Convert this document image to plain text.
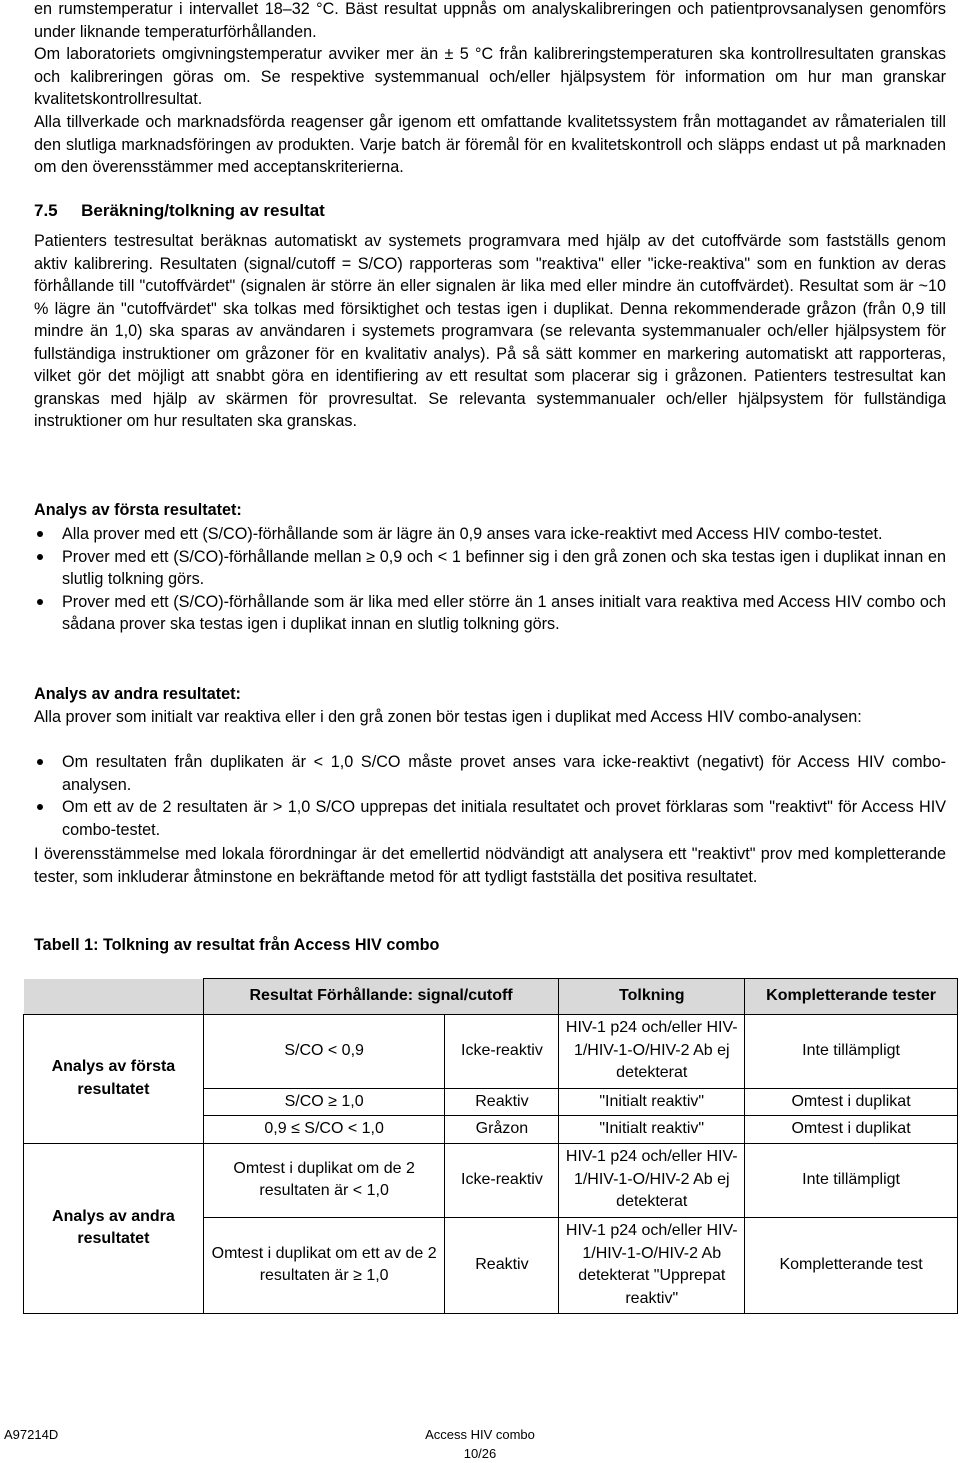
en rumstemperatur i intervallet 18–32 °C. Bäst resultat uppnås om analyskalibreringen och patientprovsanalysen genomförs under liknande temperaturförhållanden.

Om laboratoriets omgivningstemperatur avviker mer än ± 5 °C från kalibreringstemperaturen ska kontrollresultaten granskas och kalibreringen göras om. Se respektive systemmanual och/eller hjälpsystem för information om hur man granskar kvalitetskontrollresultat.

Alla tillverkade och marknadsförda reagenser går igenom ett omfattande kvalitetssystem från mottagandet av råmaterialen till den slutliga marknadsföringen av produkten. Varje batch är föremål för en kvalitetskontroll och släpps endast ut på marknaden om den överensstämmer med acceptanskriterierna.

7.5 Beräkning/tolkning av resultat

Patienters testresultat beräknas automatiskt av systemets programvara med hjälp av det cutoffvärde som fastställs genom aktiv kalibrering. Resultaten (signal/cutoff = S/CO) rapporteras som "reaktiva" eller "icke-reaktiva" som en funktion av deras förhållande till "cutoffvärdet" (signalen är större än eller signalen är lika med eller mindre än cutoffvärdet). Resultat som är ~10 % lägre än "cutoffvärdet" ska tolkas med försiktighet och testas igen i duplikat. Denna rekommenderade gråzon (från 0,9 till mindre än 1,0) ska sparas av användaren i systemets programvara (se relevanta systemmanualer och/eller hjälpsystem för fullständiga instruktioner om gråzoner för en kvalitativ analys). På så sätt kommer en markering automatiskt att rapporteras, vilket gör det möjligt att snabbt göra en identifiering av ett resultat som placerar sig i gråzonen. Patienters testresultat kan granskas med hjälp av skärmen för provresultat. Se relevanta systemmanualer och/eller hjälpsystem för fullständiga instruktioner om hur resultaten ska granskas.

Analys av första resultatet:
Alla prover med ett (S/CO)-förhållande som är lägre än 0,9 anses vara icke-reaktivt med Access HIV combo-testet.
Prover med ett (S/CO)-förhållande mellan ≥ 0,9 och < 1 befinner sig i den grå zonen och ska testas igen i duplikat innan en slutlig tolkning görs.
Prover med ett (S/CO)-förhållande som är lika med eller större än 1 anses initialt vara reaktiva med Access HIV combo och sådana prover ska testas igen i duplikat innan en slutlig tolkning görs.
Analys av andra resultatet:

Alla prover som initialt var reaktiva eller i den grå zonen bör testas igen i duplikat med Access HIV combo-analysen:

Om resultaten från duplikaten är < 1,0 S/CO måste provet anses vara icke-reaktivt (negativt) för Access HIV combo-analysen.
Om ett av de 2 resultaten är > 1,0 S/CO upprepas det initiala resultatet och provet förklaras som "reaktivt" för Access HIV combo-testet.

I överensstämmelse med lokala förordningar är det emellertid nödvändigt att analysera ett "reaktivt" prov med kompletterande tester, som inkluderar åtminstone en bekräftande metod för att tydligt fastställa det positiva resultatet.

Tabell 1: Tolkning av resultat från Access HIV combo
	Resultat Förhållande: signal/cutoff		Tolkning	Kompletterande tester
Analys av första resultatet	S/CO < 0,9	Icke-reaktiv	HIV-1 p24 och/eller HIV-1/HIV-1-O/HIV-2 Ab ej detekterat	Inte tillämpligt
	S/CO ≥ 1,0	Reaktiv	"Initialt reaktiv"	Omtest i duplikat
	0,9 ≤ S/CO < 1,0	Gråzon	"Initialt reaktiv"	Omtest i duplikat
Analys av andra resultatet	Omtest i duplikat om de 2 resultaten är < 1,0	Icke-reaktiv	HIV-1 p24 och/eller HIV-1/HIV-1-O/HIV-2 Ab ej detekterat	Inte tillämpligt
	Omtest i duplikat om ett av de 2 resultaten är ≥ 1,0	Reaktiv	HIV-1 p24 och/eller HIV-1/HIV-1-O/HIV-2 Ab detekterat "Upprepat reaktiv"	Kompletterande test
A97214D	Access HIV combo
10/26
